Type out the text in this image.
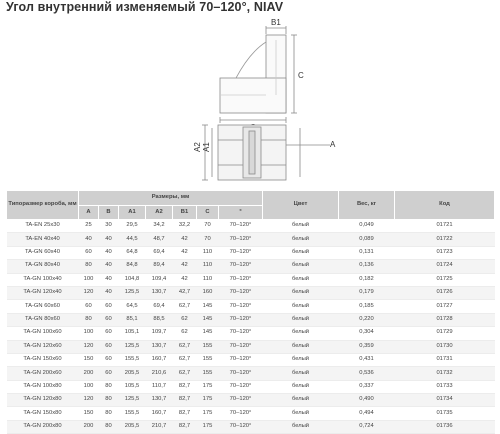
Угол внутренний изменяемый 70–120°, NIAV
B1
C
A2 A1	A
Типоразмер короба, мм	Размеры, мм							Цвет	Вес, кг	Код
	A	B	A1	A2	B1	C	°			
TA-EN 25x30	25	30	29,5	34,2	32,2	70	70–120°	белый	0,049	01721
TA-EN 40x40	40	40	44,5	48,7	42	70	70–120°	белый	0,089	01722
TA-GN 60x40	60	40	64,8	69,4	42	110	70–120°	белый	0,131	01723
TA-GN 80x40	80	40	84,8	89,4	42	110	70–120°	белый	0,136	01724
TA-GN 100x40	100	40	104,8	109,4	42	110	70–120°	белый	0,182	01725
TA-GN 120x40	120	40	125,5	130,7	42,7	160	70–120°	белый	0,179	01726
TA-GN 60x60	60	60	64,5	69,4	62,7	145	70–120°	белый	0,185	01727
TA-GN 80x60	80	60	85,1	88,5	62	145	70–120°	белый	0,220	01728
TA-GN 100x60	100	60	105,1	109,7	62	145	70–120°	белый	0,304	01729
TA-GN 120x60	120	60	125,5	130,7	62,7	155	70–120°	белый	0,359	01730
TA-GN 150x60	150	60	155,5	160,7	62,7	155	70–120°	белый	0,431	01731
TA-GN 200x60	200	60	205,5	210,6	62,7	155	70–120°	белый	0,536	01732
TA-GN 100x80	100	80	105,5	110,7	82,7	175	70–120°	белый	0,337	01733
TA-GN 120x80	120	80	125,5	130,7	82,7	175	70–120°	белый	0,490	01734
TA-GN 150x80	150	80	155,5	160,7	82,7	175	70–120°	белый	0,494	01735
TA-GN 200x80	200	80	205,5	210,7	82,7	175	70–120°	белый	0,724	01736
